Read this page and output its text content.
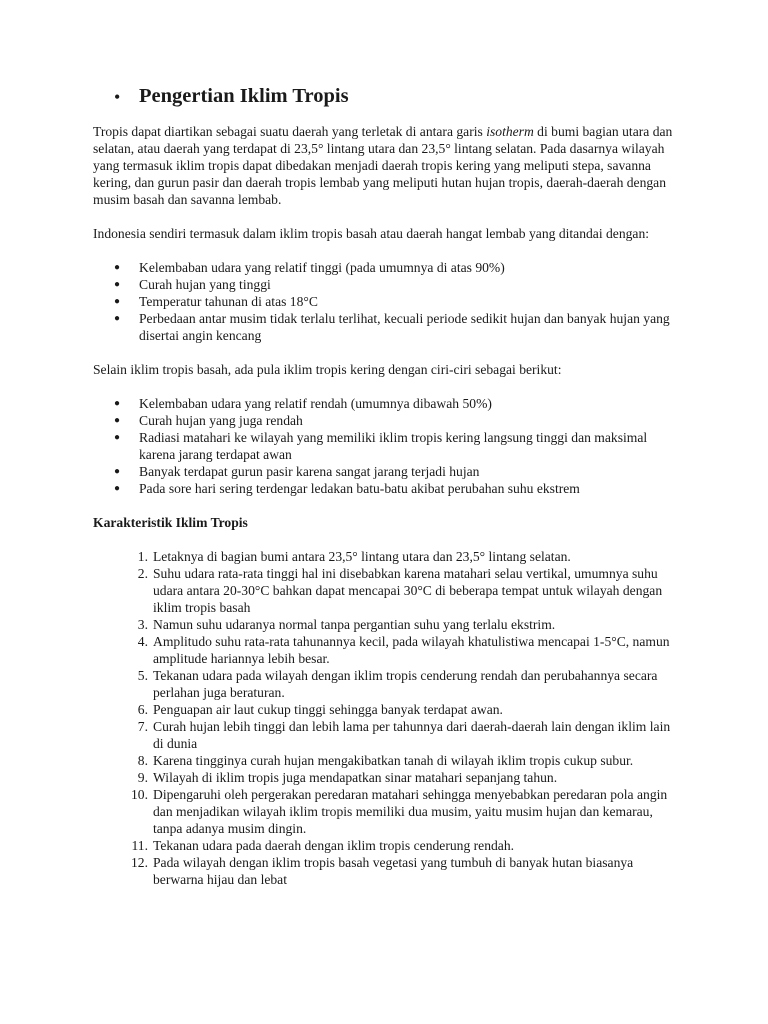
• Pengertian Iklim Tropis

Tropis dapat diartikan sebagai suatu daerah yang terletak di antara garis isotherm di bumi bagian utara dan selatan, atau daerah yang terdapat di 23,5° lintang utara dan 23,5° lintang selatan. Pada dasarnya wilayah yang termasuk iklim tropis dapat dibedakan menjadi daerah tropis kering yang meliputi stepa, savanna kering, dan gurun pasir dan daerah tropis lembab yang meliputi hutan hujan tropis, daerah-daerah dengan musim basah dan savanna lembab.

Indonesia sendiri termasuk dalam iklim tropis basah atau daerah hangat lembab yang ditandai dengan:

● Kelembaban udara yang relatif tinggi (pada umumnya di atas 90%)
● Curah hujan yang tinggi
● Temperatur tahunan di atas 18°C
● Perbedaan antar musim tidak terlalu terlihat, kecuali periode sedikit hujan dan banyak hujan yang disertai angin kencang

Selain iklim tropis basah, ada pula iklim tropis kering dengan ciri-ciri sebagai berikut:

● Kelembaban udara yang relatif rendah (umumnya dibawah 50%)
● Curah hujan yang juga rendah
● Radiasi matahari ke wilayah yang memiliki iklim tropis kering langsung tinggi dan maksimal karena jarang terdapat awan
● Banyak terdapat gurun pasir karena sangat jarang terjadi hujan
● Pada sore hari sering terdengar ledakan batu-batu akibat perubahan suhu ekstrem
Karakteristik Iklim Tropis
1. Letaknya di bagian bumi antara 23,5° lintang utara dan 23,5° lintang selatan.
2. Suhu udara rata-rata tinggi hal ini disebabkan karena matahari selau vertikal, umumnya suhu udara antara 20-30°C bahkan dapat mencapai 30°C di beberapa tempat untuk wilayah dengan iklim tropis basah
3. Namun suhu udaranya normal tanpa pergantian suhu yang terlalu ekstrim.
4. Amplitudo suhu rata-rata tahunannya kecil, pada wilayah khatulistiwa mencapai 1-5°C, namun amplitude hariannya lebih besar.
5. Tekanan udara pada wilayah dengan iklim tropis cenderung rendah dan perubahannya secara perlahan juga beraturan.
6. Penguapan air laut cukup tinggi sehingga banyak terdapat awan.
7. Curah hujan lebih tinggi dan lebih lama per tahunnya dari daerah-daerah lain dengan iklim lain di dunia
8. Karena tingginya curah hujan mengakibatkan tanah di wilayah iklim tropis cukup subur.
9. Wilayah di iklim tropis juga mendapatkan sinar matahari sepanjang tahun.
10. Dipengaruhi oleh pergerakan peredaran matahari sehingga menyebabkan peredaran pola angin dan menjadikan wilayah iklim tropis memiliki dua musim, yaitu musim hujan dan kemarau, tanpa adanya musim dingin.
11. Tekanan udara pada daerah dengan iklim tropis cenderung rendah.
12. Pada wilayah dengan iklim tropis basah vegetasi yang tumbuh di banyak hutan biasanya berwarna hijau dan lebat
